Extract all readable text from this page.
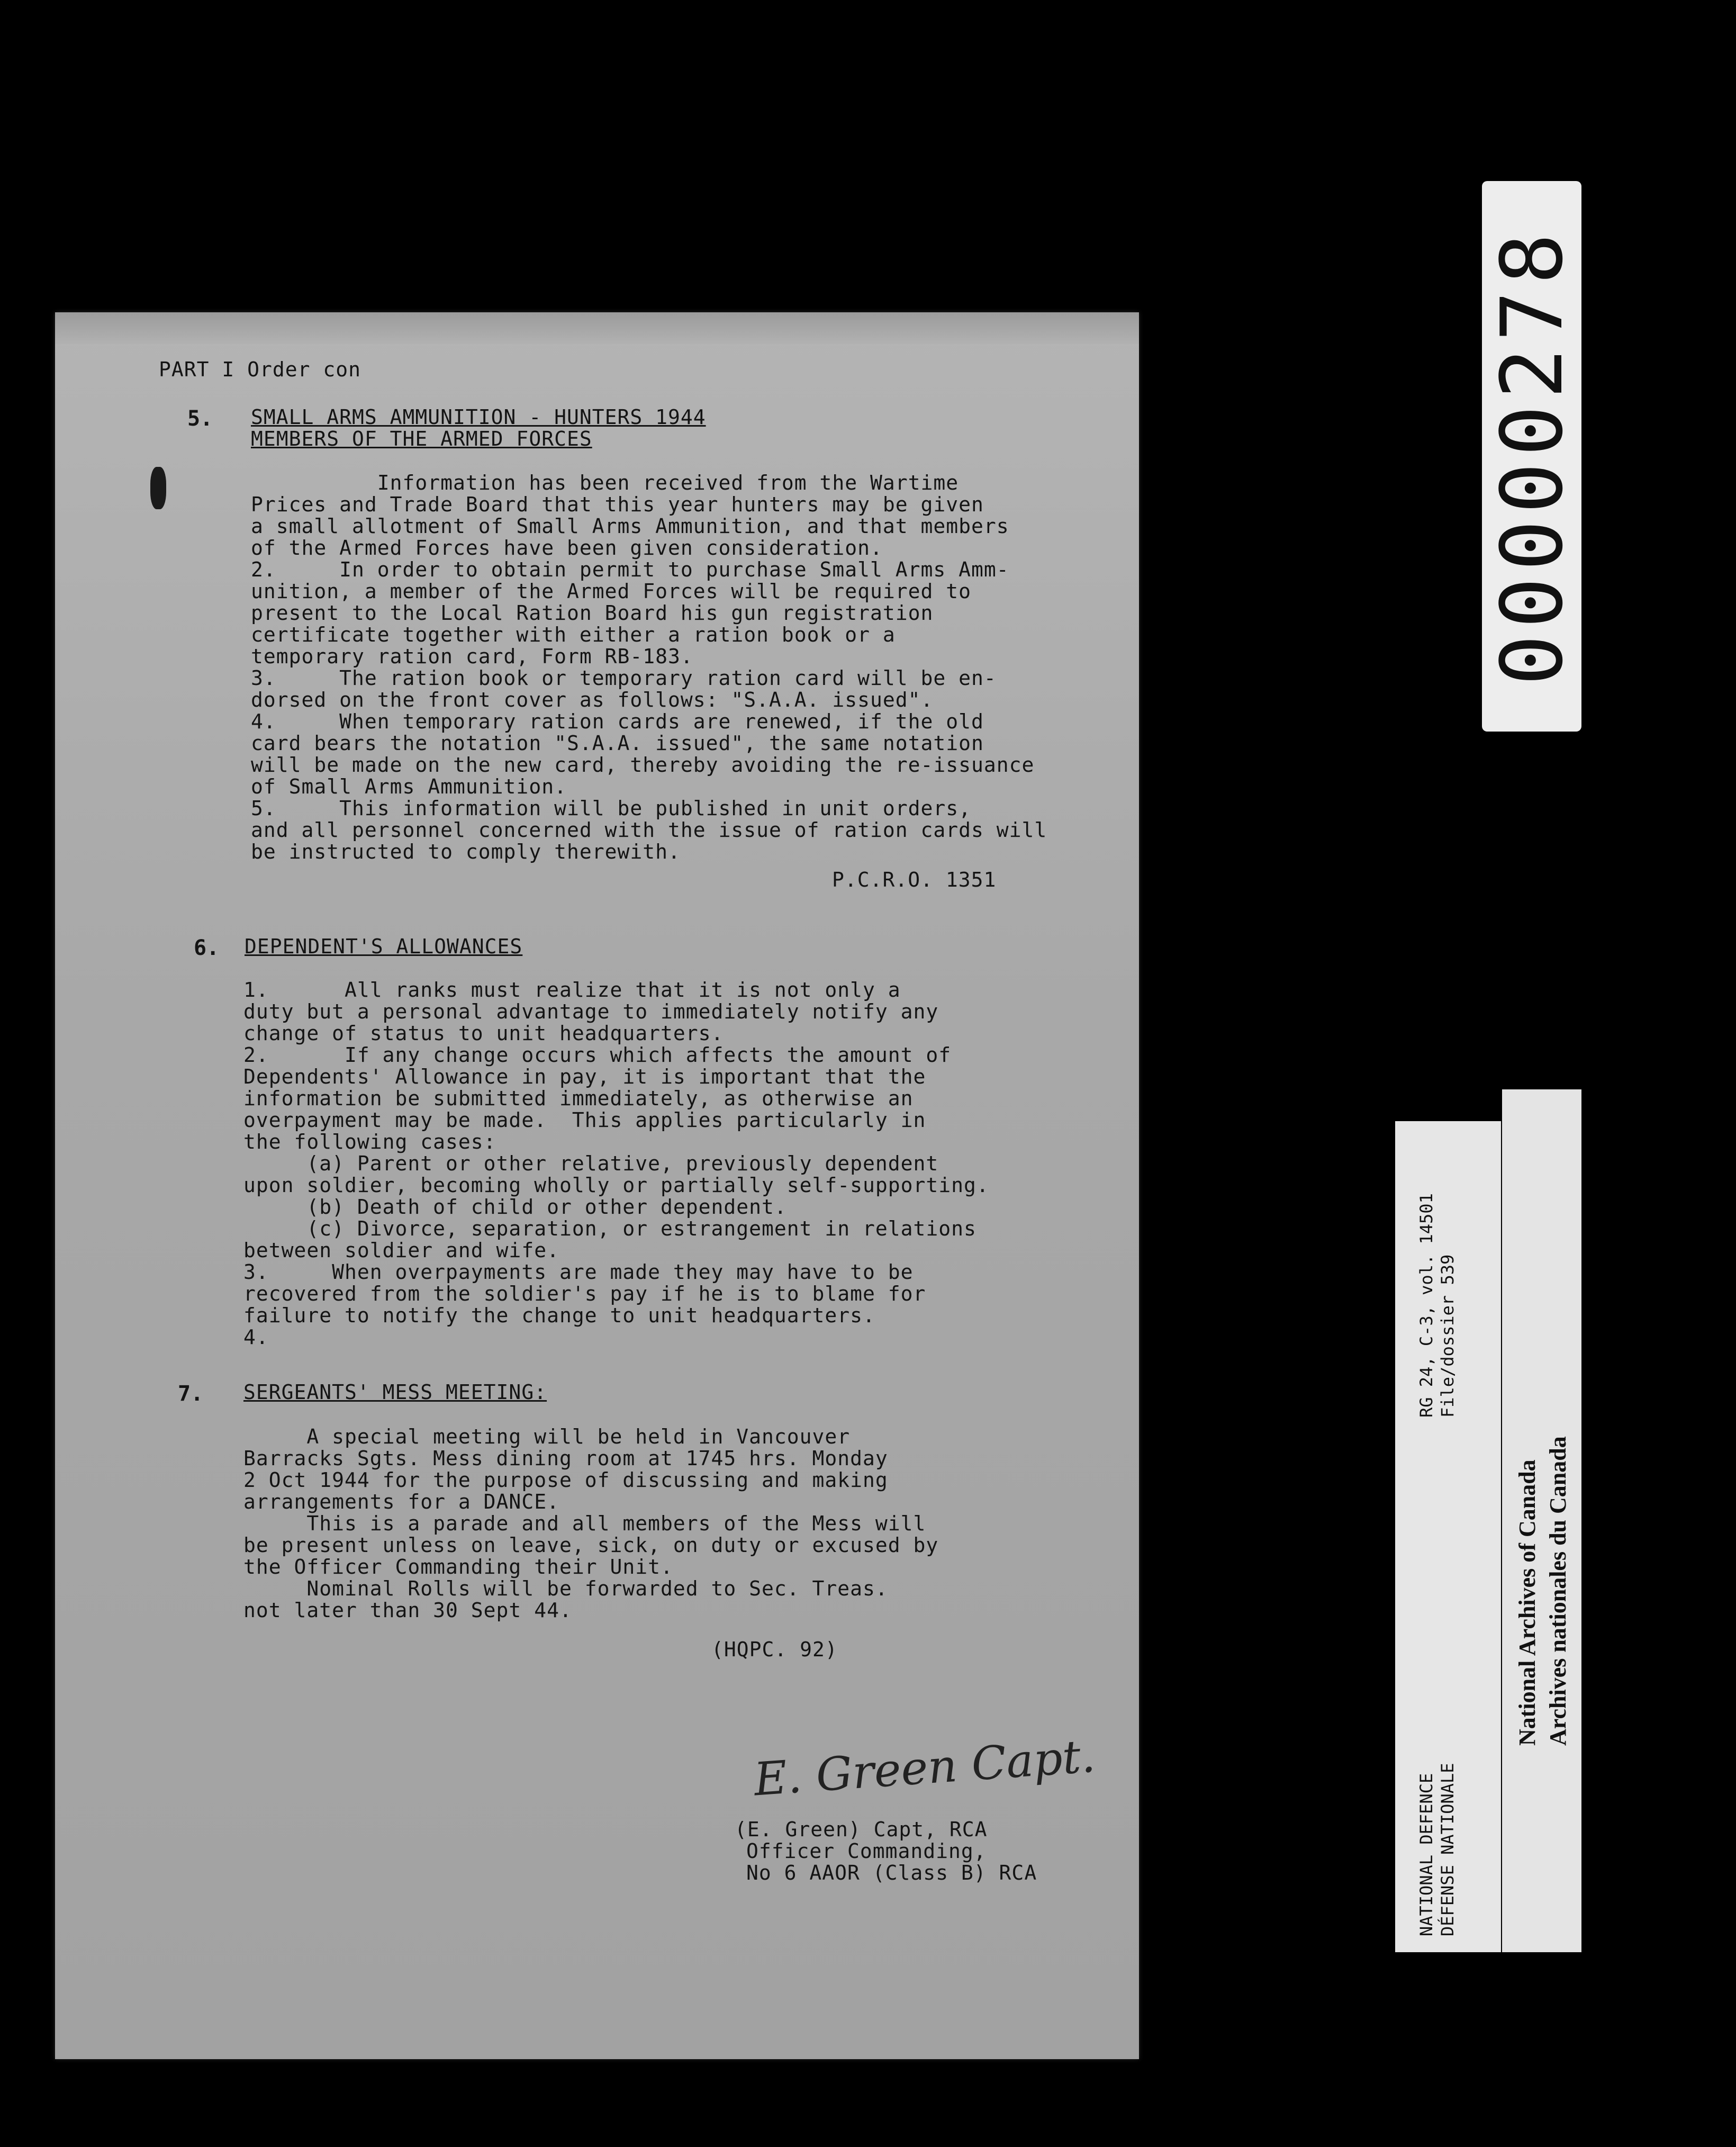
PART I Order con
5. SMALL ARMS AMMUNITION - HUNTERS 1944
MEMBERS OF THE ARMED FORCES
Information has been received from the Wartime
Prices and Trade Board that this year hunters may be given
a small allotment of Small Arms Ammunition, and that members
of the Armed Forces have been given consideration.
2.     In order to obtain permit to purchase Small Arms Amm-
unition, a member of the Armed Forces will be required to
present to the Local Ration Board his gun registration
certificate together with either a ration book or a
temporary ration card, Form RB-183.
3.     The ration book or temporary ration card will be en-
dorsed on the front cover as follows: "S.A.A. issued".
4.     When temporary ration cards are renewed, if the old
card bears the notation "S.A.A. issued", the same notation
will be made on the new card, thereby avoiding the re-issuance
of Small Arms Ammunition.
5.     This information will be published in unit orders,
and all personnel concerned with the issue of ration cards will
be instructed to comply therewith.
P.C.R.O. 1351
6. DEPENDENT'S ALLOWANCES
1.      All ranks must realize that it is not only a
duty but a personal advantage to immediately notify any
change of status to unit headquarters.
2.      If any change occurs which affects the amount of
Dependents' Allowance in pay, it is important that the
information be submitted immediately, as otherwise an
overpayment may be made.  This applies particularly in
the following cases:
(a) Parent or other relative, previously dependent
upon soldier, becoming wholly or partially self-supporting.
(b) Death of child or other dependent.
(c) Divorce, separation, or estrangement in relations
between soldier and wife.
3.     When overpayments are made they may have to be
recovered from the soldier's pay if he is to blame for
failure to notify the change to unit headquarters.
4.
7. SERGEANTS' MESS MEETING:
A special meeting will be held in Vancouver
Barracks Sgts. Mess dining room at 1745 hrs. Monday
2 Oct 1944 for the purpose of discussing and making
arrangements for a DANCE.
This is a parade and all members of the Mess will
be present unless on leave, sick, on duty or excused by
the Officer Commanding their Unit.
Nominal Rolls will be forwarded to Sec. Treas.
not later than 30 Sept 44.
(HQPC. 92)
E. Green Capt.
(E. Green) Capt, RCA
Officer Commanding,
No 6 AAOR (Class B) RCA
00000278
RG 24, C-3, vol. 14501 File/dossier 539
NATIONAL DEFENCE DÉFENSE NATIONALE
National Archives of Canada Archives nationales du Canada
